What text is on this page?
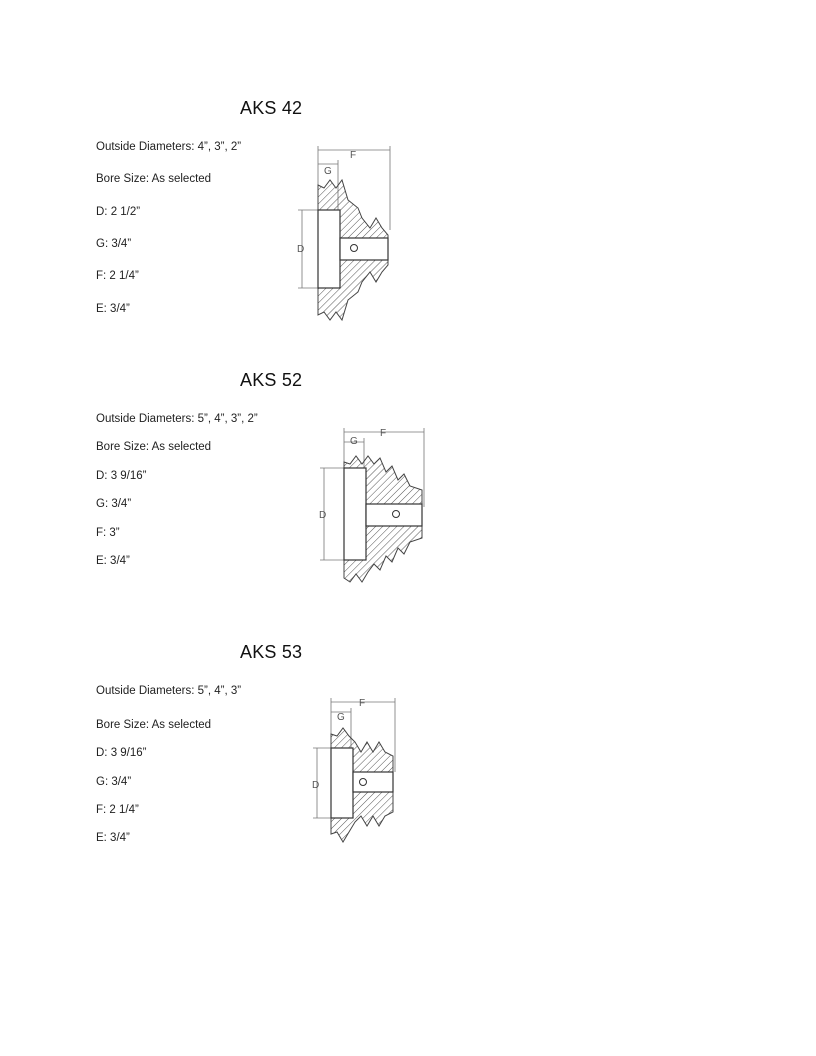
AKS 42
Outside Diameters: 4”, 3”, 2”
Bore Size: As selected
D: 2 1/2”
G: 3/4”
F: 2 1/4”
E: 3/4”
F
G
D
AKS 52
Outside Diameters: 5”, 4”, 3”, 2”
Bore Size: As selected
D: 3 9/16”
G: 3/4”
F: 3”
E: 3/4”
F
G
D
AKS 53
Outside Diameters: 5”, 4”, 3”
Bore Size: As selected
D: 3 9/16”
G: 3/4”
F: 2 1/4”
E: 3/4”
F
G
D
